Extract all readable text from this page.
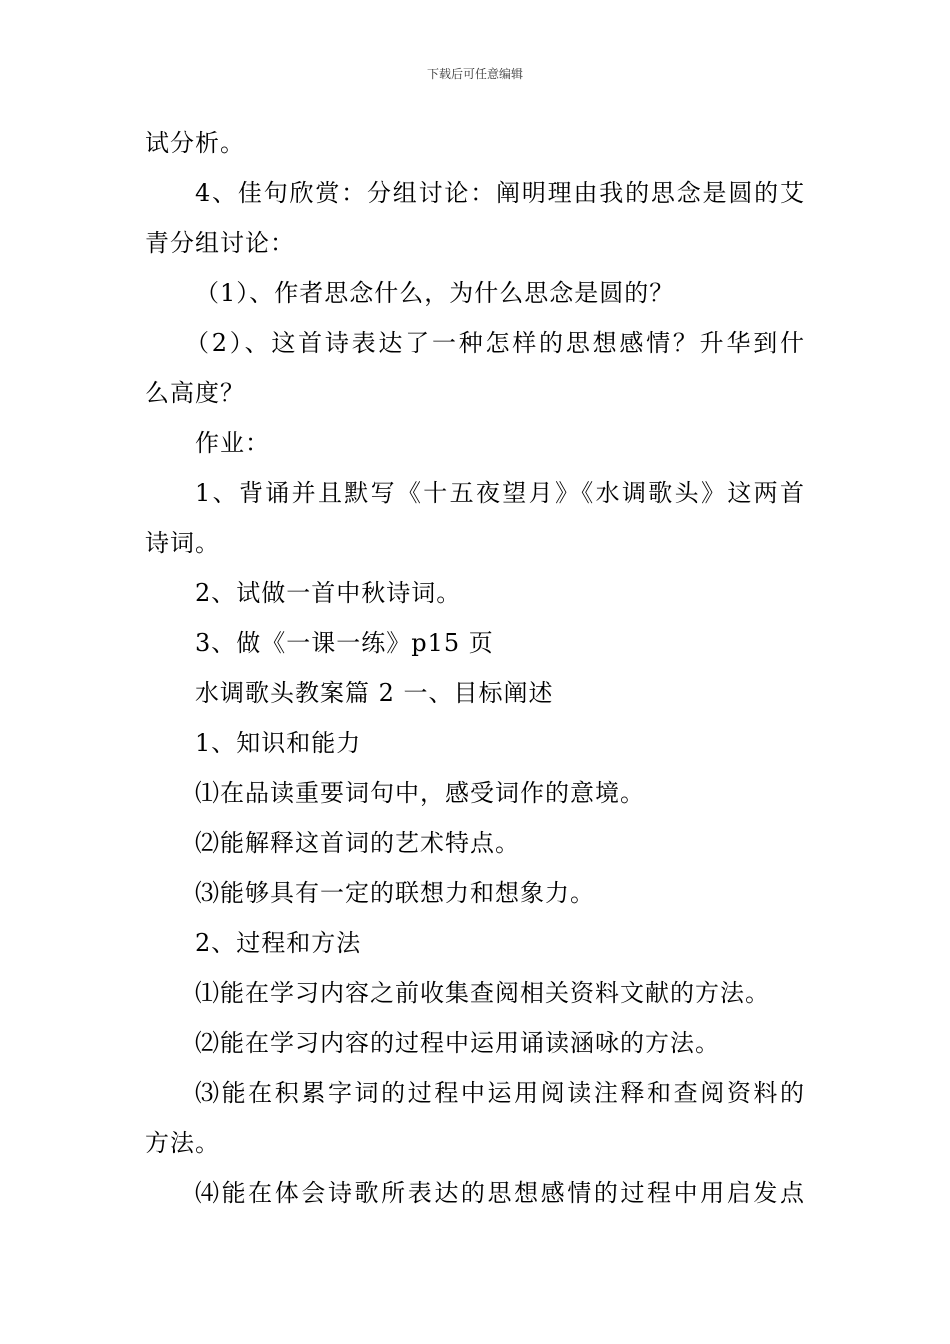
下载后可任意编辑
试分析。
4、佳句欣赏：分组讨论：阐明理由我的思念是圆的艾
青分组讨论：
（1）、作者思念什么，为什么思念是圆的？
（2）、这首诗表达了一种怎样的思想感情？升华到什
么高度？
作业：
1、背诵并且默写《十五夜望月》《水调歌头》这两首
诗词。
2、试做一首中秋诗词。
3、做《一课一练》p15 页
水调歌头教案篇 2 一、目标阐述
1、知识和能力
⑴在品读重要词句中，感受词作的意境。
⑵能解释这首词的艺术特点。
⑶能够具有一定的联想力和想象力。
2、过程和方法
⑴能在学习内容之前收集查阅相关资料文献的方法。
⑵能在学习内容的过程中运用诵读涵咏的方法。
⑶能在积累字词的过程中运用阅读注释和查阅资料的
方法。
⑷能在体会诗歌所表达的思想感情的过程中用启发点
